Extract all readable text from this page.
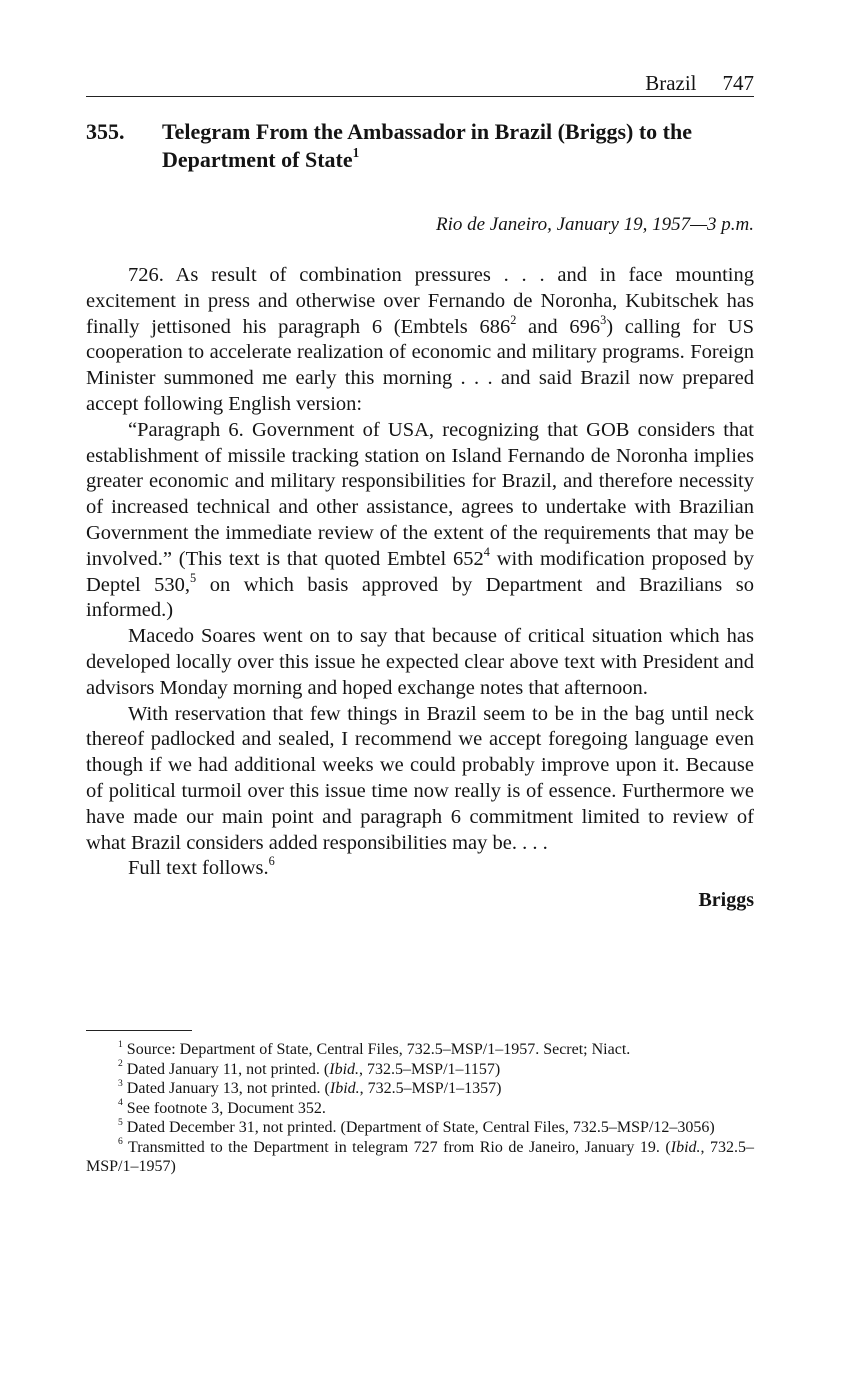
Brazil 747
355. Telegram From the Ambassador in Brazil (Briggs) to the Department of State$^1$
Rio de Janeiro, January 19, 1957—3 p.m.

726. As result of combination pressures . . . and in face mounting excitement in press and otherwise over Fernando de Noronha, Kubitschek has finally jettisoned his paragraph 6 (Embtels $686^2$ and $696^3$) calling for US cooperation to accelerate realization of economic and military programs. Foreign Minister summoned me early this morning . . . and said Brazil now prepared accept following English version:

“Paragraph 6. Government of USA, recognizing that GOB considers that establishment of missile tracking station on Island Fernando de Noronha implies greater economic and military responsibilities for Brazil, and therefore necessity of increased technical and other assistance, agrees to undertake with Brazilian Government the immediate review of the extent of the requirements that may be involved.” (This text is that quoted Embtel $652^4$ with modification proposed by Deptel 530,$^5$ on which basis approved by Department and Brazilians so informed.)

Macedo Soares went on to say that because of critical situation which has developed locally over this issue he expected clear above text with President and advisors Monday morning and hoped exchange notes that afternoon.

With reservation that few things in Brazil seem to be in the bag until neck thereof padlocked and sealed, I recommend we accept foregoing language even though if we had additional weeks we could probably improve upon it. Because of political turmoil over this issue time now really is of essence. Furthermore we have made our main point and paragraph 6 commitment limited to review of what Brazil considers added responsibilities may be. . . .

Full text follows.$^6$

Briggs

$^1$ Source: Department of State, Central Files, 732.5–MSP/1–1957. Secret; Niact.

$^2$ Dated January 11, not printed. (Ibid., 732.5–MSP/1–1157)

$^3$ Dated January 13, not printed. (Ibid., 732.5–MSP/1–1357)

$^4$ See footnote 3, Document 352.

$^5$ Dated December 31, not printed. (Department of State, Central Files, 732.5–MSP/12–3056)

$^6$ Transmitted to the Department in telegram 727 from Rio de Janeiro, January 19. (Ibid., 732.5–MSP/1–1957)
